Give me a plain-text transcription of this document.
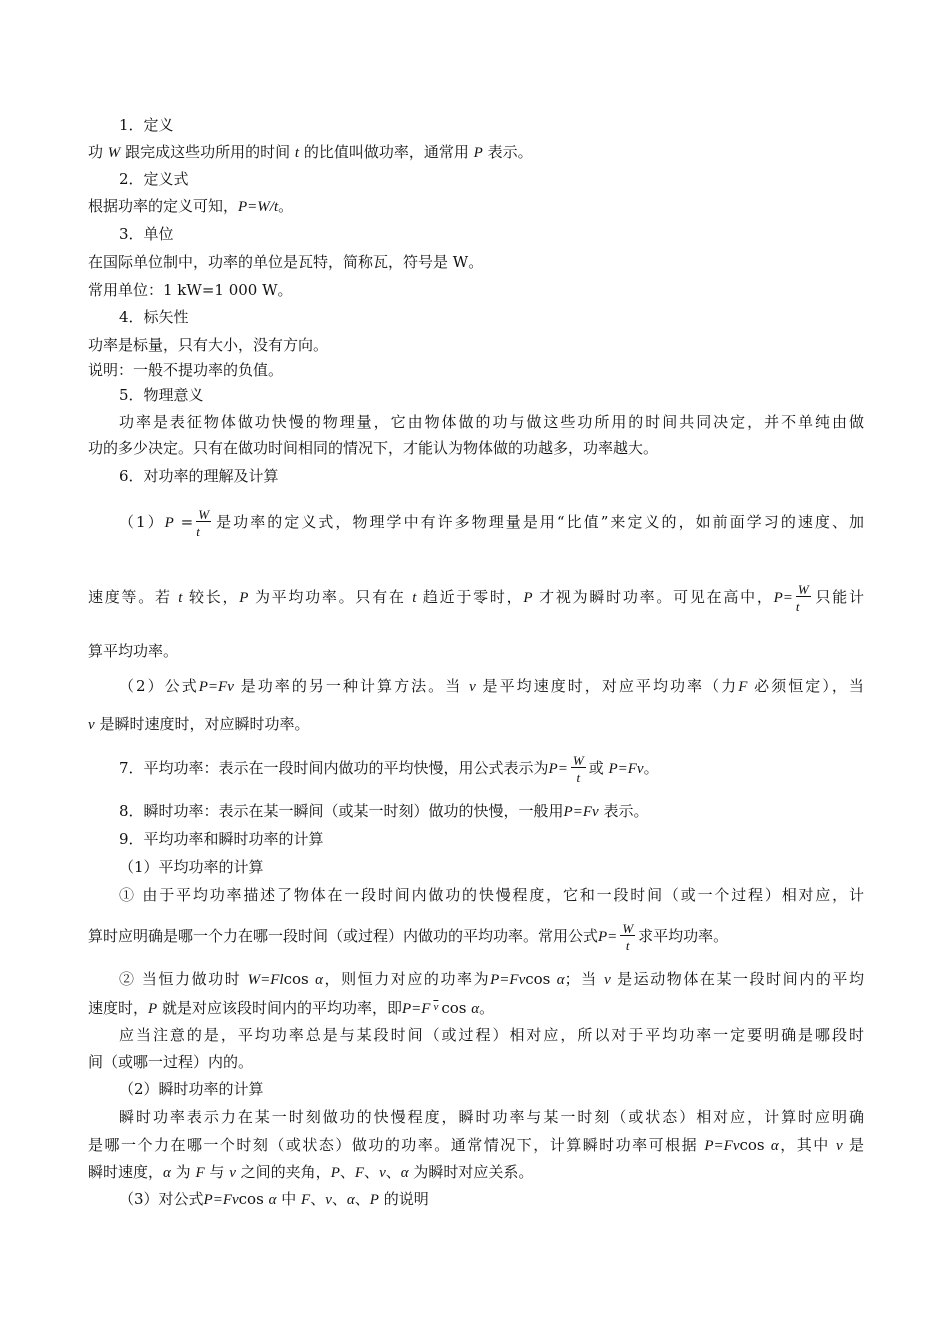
1．定义
功 W 跟完成这些功所用的时间 t 的比值叫做功率，通常用 P 表示。
2．定义式
根据功率的定义可知，P=W/t。
3．单位
在国际单位制中，功率的单位是瓦特，简称瓦，符号是 W。
常用单位：1 kW=1 000 W。
4．标矢性
功率是标量，只有大小，没有方向。
说明：一般不提功率的负值。
5．物理意义
功率是表征物体做功快慢的物理量，它由物体做的功与做这些功所用的时间共同决定，并不单纯由做
功的多少决定。只有在做功时间相同的情况下，才能认为物体做的功越多，功率越大。
6．对功率的理解及计算
$(1)P = \frac{W}{t}$ 是功率的定义式，物理学中有许多物理量是用“比值”来定义的，如前面学习的速度、加
速度等。若 t 较长，P 为平均功率。只有在 t 趋近于零时，P 才视为瞬时功率。可见在高中，$P= \frac{W}{t}$ 只能计
算平均功率。
（2）公式P=Fv 是功率的另一种计算方法。当 v 是平均速度时，对应平均功率（力F 必须恒定），当
v 是瞬时速度时，对应瞬时功率。
7．平均功率：表示在一段时间内做功的平均快慢，用公式表示为$P= \frac{W}{t}$ 或 P=Fv。
8．瞬时功率：表示在某一瞬间（或某一时刻）做功的快慢，一般用P=Fv 表示。
9．平均功率和瞬时功率的计算
（1）平均功率的计算
① 由于平均功率描述了物体在一段时间内做功的快慢程度，它和一段时间（或一个过程）相对应，计
算时应明确是哪一个力在哪一段时间（或过程）内做功的平均功率。常用公式$P= \frac{W}{t}$ 求平均功率。
② 当恒力做功时 W=Flcos α，则恒力对应的功率为P=Fvcos α；当 v 是运动物体在某一段时间内的平均
速度时，P 就是对应该段时间内的平均功率，即P=F $^{\overline{v}}$ cos α。
应当注意的是，平均功率总是与某段时间（或过程）相对应，所以对于平均功率一定要明确是哪段时
间（或哪一过程）内的。
（2）瞬时功率的计算
瞬时功率表示力在某一时刻做功的快慢程度，瞬时功率与某一时刻（或状态）相对应，计算时应明确
是哪一个力在哪一个时刻（或状态）做功的功率。通常情况下，计算瞬时功率可根据 P=Fvcos α，其中 v 是
瞬时速度，α 为 F 与 v 之间的夹角，P、F、v、α 为瞬时对应关系。
（3）对公式P=Fvcos α 中 F、v、α、P 的说明
